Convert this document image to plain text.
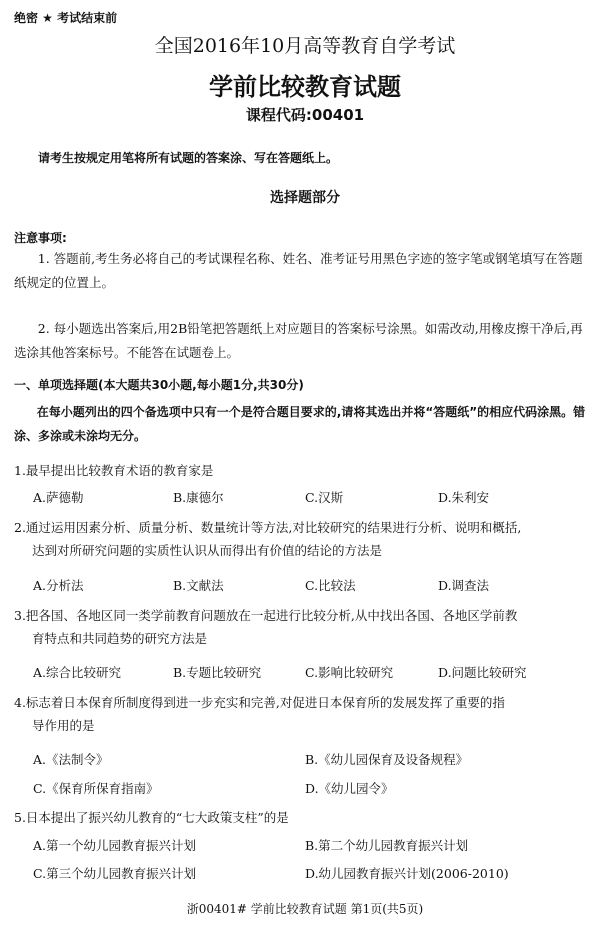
绝密 ★ 考试结束前
全国2016年10月高等教育自学考试
学前比较教育试题
课程代码:00401
请考生按规定用笔将所有试题的答案涂、写在答题纸上。
选择题部分
注意事项:
1. 答题前,考生务必将自己的考试课程名称、姓名、准考证号用黑色字迹的签字笔或钢笔填写在答题纸规定的位置上。
2. 每小题选出答案后,用2B铅笔把答题纸上对应题目的答案标号涂黑。如需改动,用橡皮擦干净后,再选涂其他答案标号。不能答在试题卷上。
一、单项选择题(本大题共30小题,每小题1分,共30分)
在每小题列出的四个备选项中只有一个是符合题目要求的,请将其选出并将“答题纸”的相应代码涂黑。错涂、多涂或未涂均无分。
1.最早提出比较教育术语的教育家是
A.萨德勒	B.康德尔	C.汉斯	D.朱利安
2.通过运用因素分析、质量分析、数量统计等方法,对比较研究的结果进行分析、说明和概括,
达到对所研究问题的实质性认识从而得出有价值的结论的方法是
A.分析法	B.文献法	C.比较法	D.调查法
3.把各国、各地区同一类学前教育问题放在一起进行比较分析,从中找出各国、各地区学前教
育特点和共同趋势的研究方法是
A.综合比较研究	B.专题比较研究	C.影响比较研究	D.问题比较研究
4.标志着日本保育所制度得到进一步充实和完善,对促进日本保育所的发展发挥了重要的指
导作用的是
A.《法制令》	B.《幼儿园保育及设备规程》
C.《保育所保育指南》	D.《幼儿园令》
5.日本提出了振兴幼儿教育的“七大政策支柱”的是
A.第一个幼儿园教育振兴计划	B.第二个幼儿园教育振兴计划
C.第三个幼儿园教育振兴计划	D.幼儿园教育振兴计划(2006-2010)
浙00401# 学前比较教育试题 第1页(共5页)
